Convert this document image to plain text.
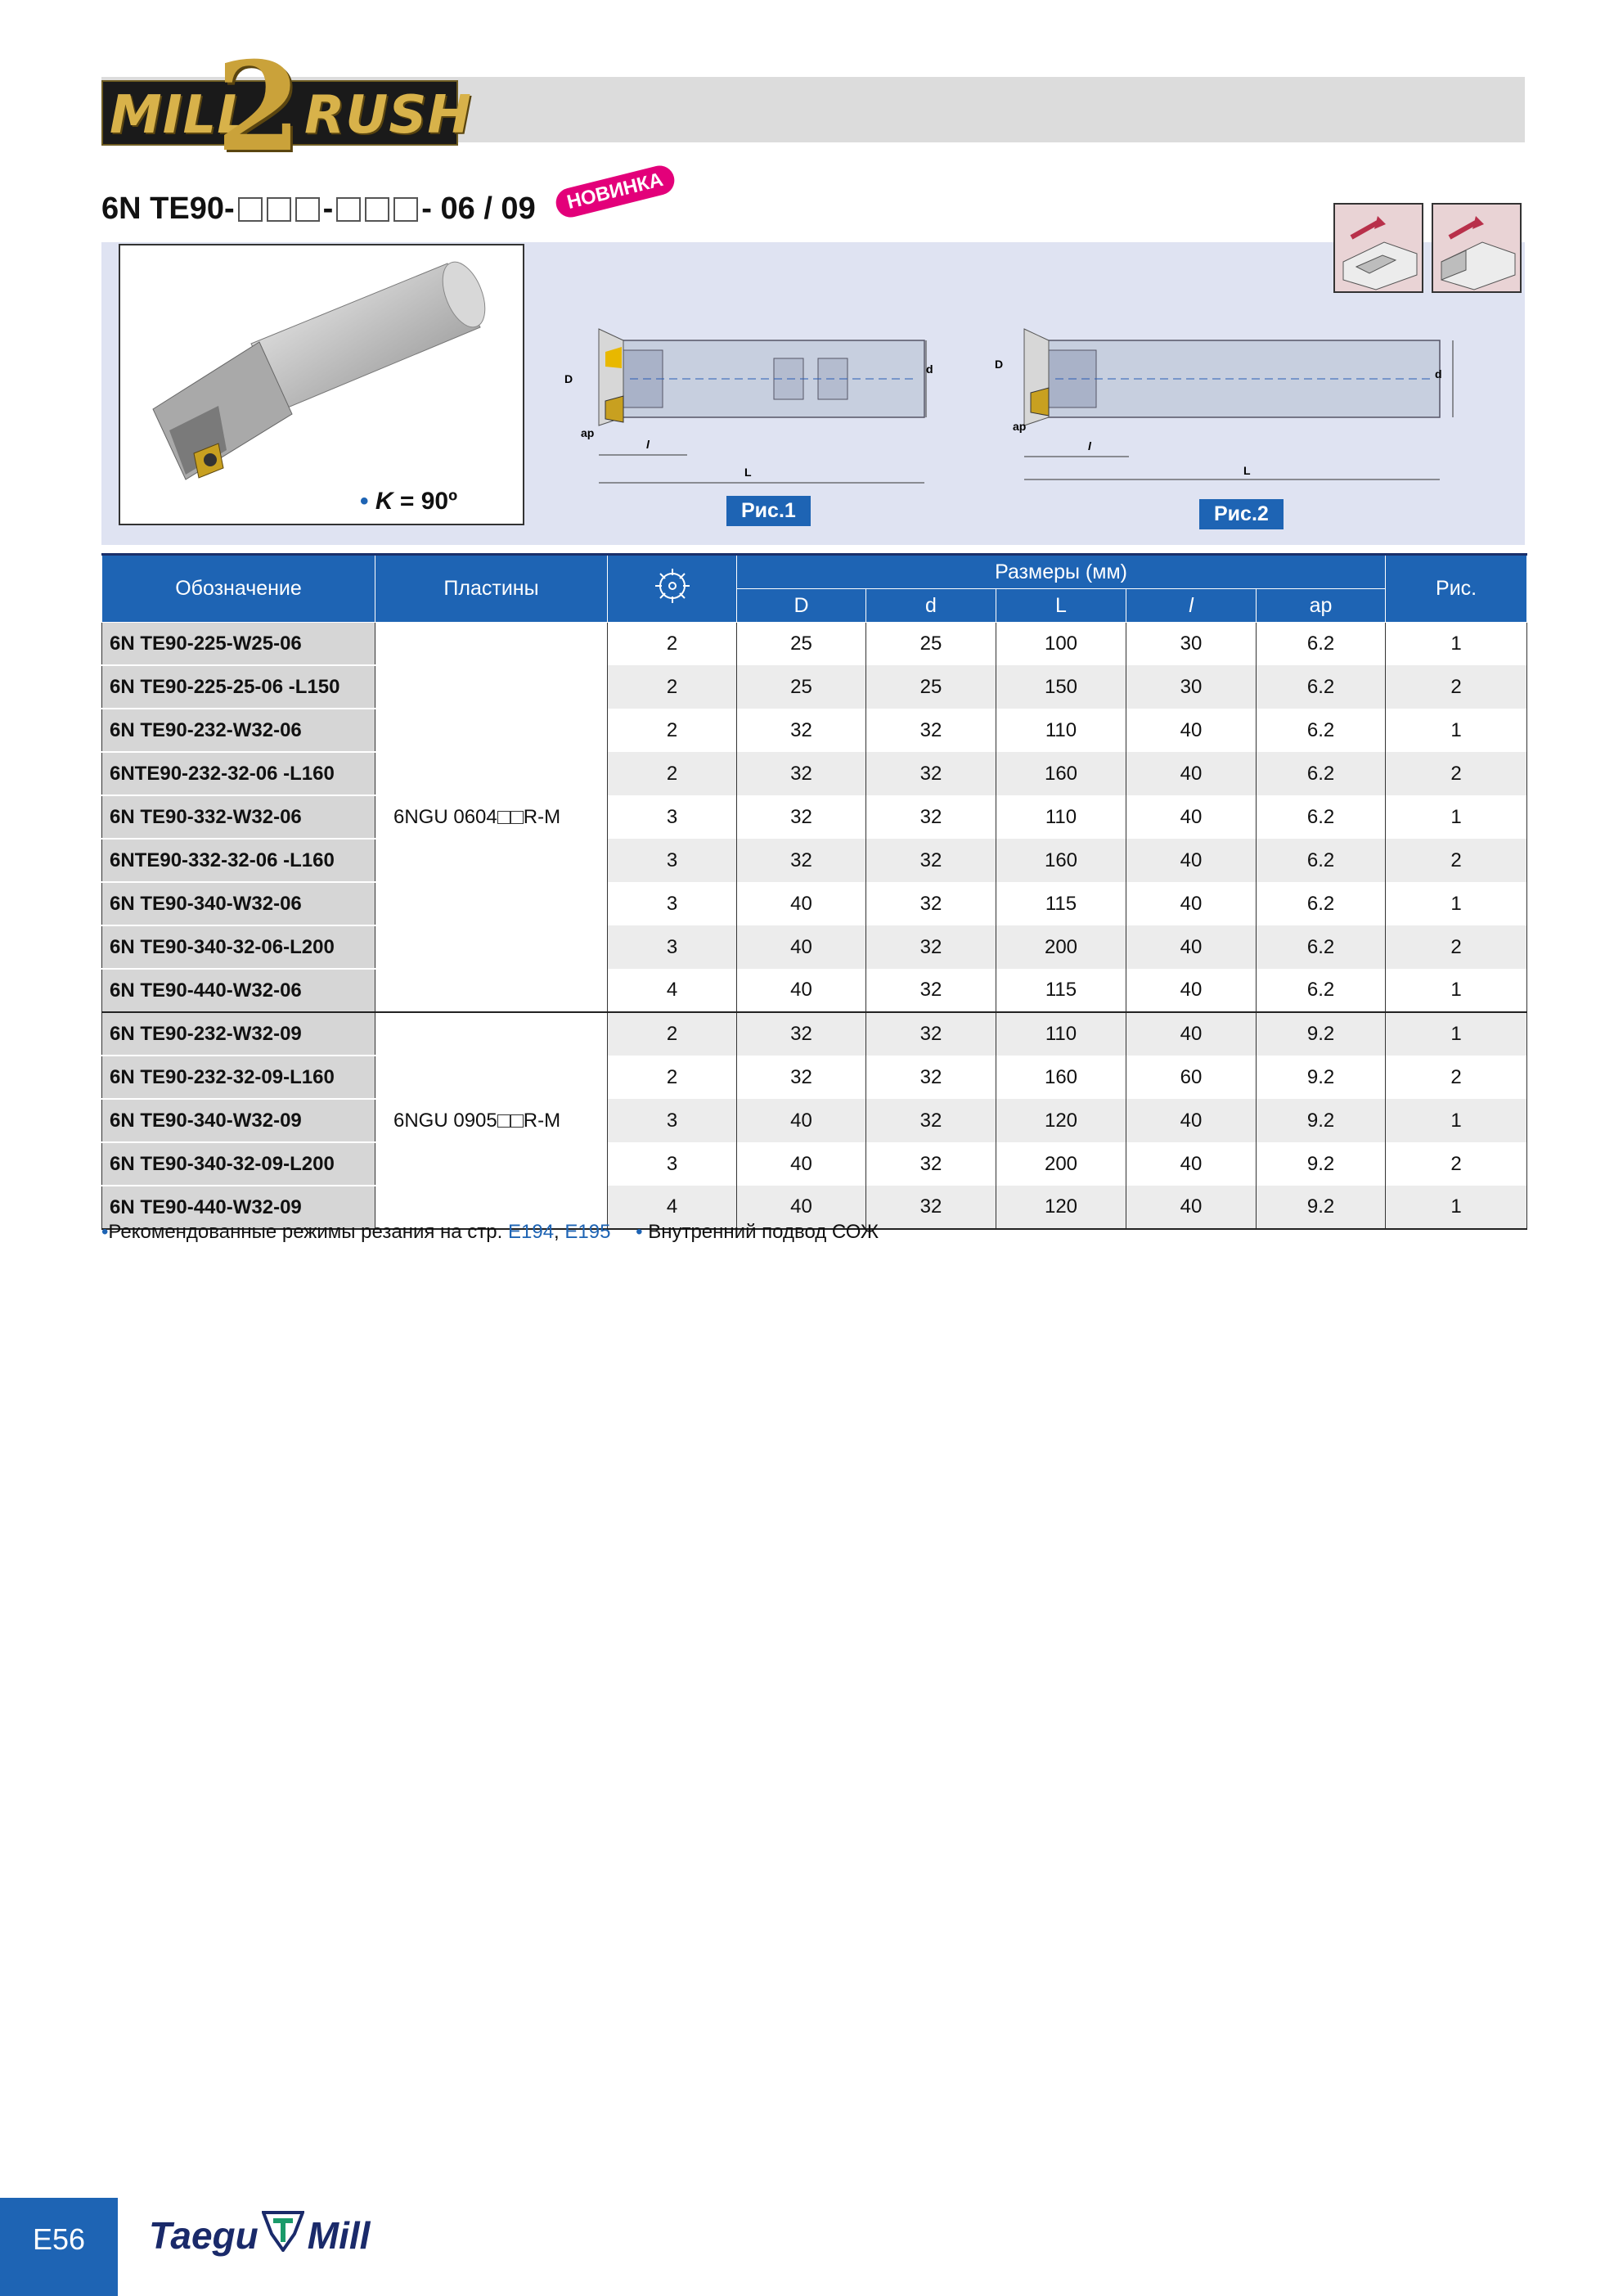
MILL
2 RUSH
6N TE90-	-	- 06 / 09	НОВИНКА
• K = 90º
D
d
ap
l
L
Рис.1
D
d
ap
l
L
Рис.2
Обозначение	Пластины		Размеры (мм)					Рис.
			D	d	L	l	ap	
6N TE90-225-W25-06	6NGU 0604 R-M	2	25	25	100	30	6.2	1
6N TE90-225-25-06 -L150		2	25	25	150	30	6.2	2
6N TE90-232-W32-06		2	32	32	110	40	6.2	1
6NTE90-232-32-06 -L160		2	32	32	160	40	6.2	2
6N TE90-332-W32-06		3	32	32	110	40	6.2	1
6NTE90-332-32-06 -L160		3	32	32	160	40	6.2	2
6N TE90-340-W32-06		3	40	32	115	40	6.2	1
6N TE90-340-32-06-L200		3	40	32	200	40	6.2	2
6N TE90-440-W32-06		4	40	32	115	40	6.2	1
6N TE90-232-W32-09	6NGU 0905 R-M	2	32	32	110	40	9.2	1
6N TE90-232-32-09-L160		2	32	32	160	60	9.2	2
6N TE90-340-W32-09		3	40	32	120	40	9.2	1
6N TE90-340-32-09-L200		3	40	32	200	40	9.2	2
6N TE90-440-W32-09		4	40	32	120	40	9.2	1
•Рекомендованные режимы резания на стр. E194, E195 • Внутренний подвод СОЖ
E56	Taegu Mill
